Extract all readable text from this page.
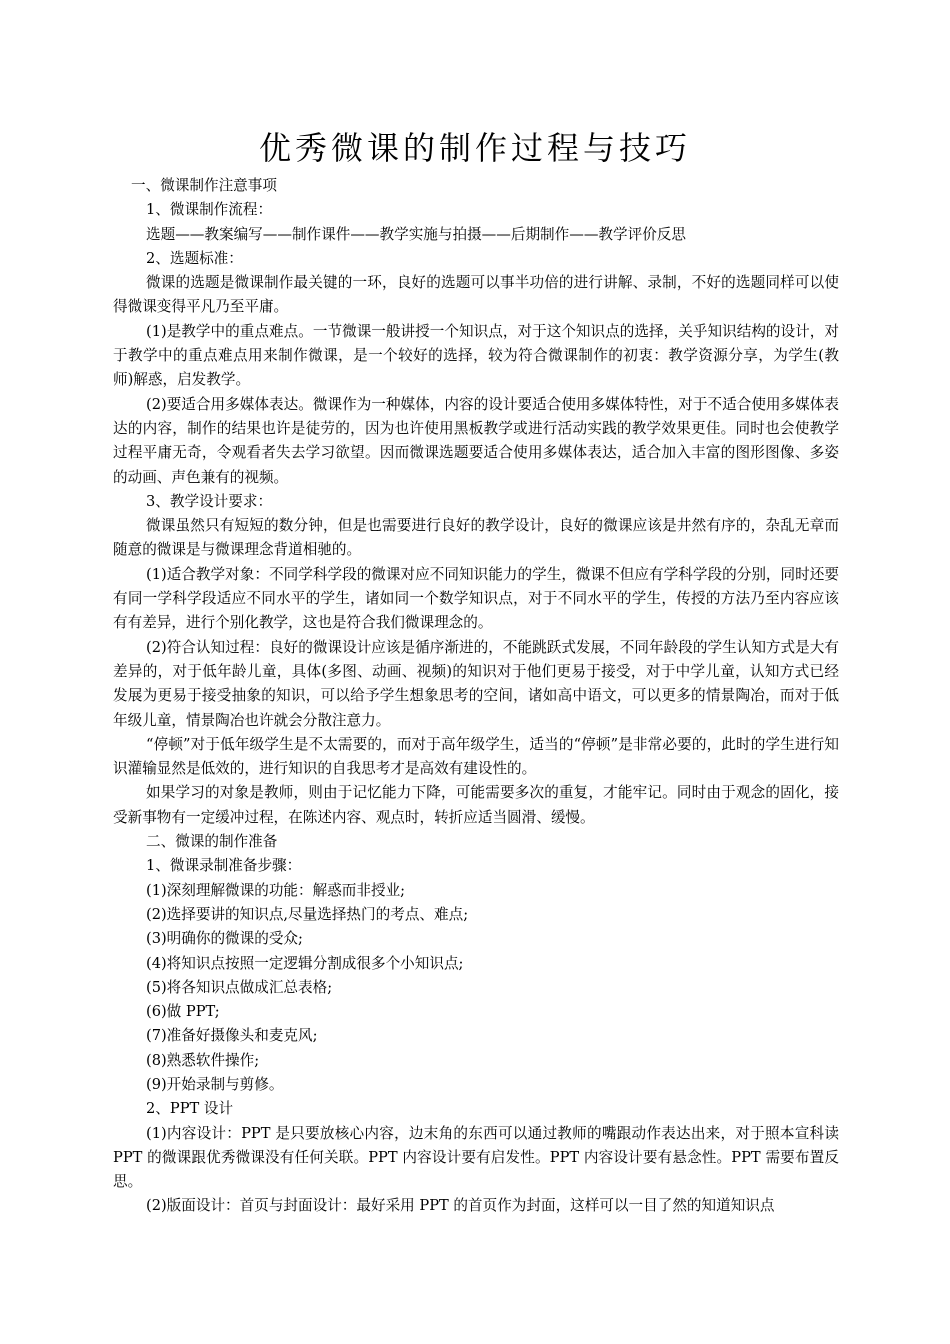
优秀微课的制作过程与技巧

一、微课制作注意事项

1、微课制作流程：

选题——教案编写——制作课件——教学实施与拍摄——后期制作——教学评价反思

2、选题标准：

微课的选题是微课制作最关键的一环，良好的选题可以事半功倍的进行讲解、录制，不好的选题同样可以使得微课变得平凡乃至平庸。

(1)是教学中的重点难点。一节微课一般讲授一个知识点，对于这个知识点的选择，关乎知识结构的设计，对于教学中的重点难点用来制作微课，是一个较好的选择，较为符合微课制作的初衷：教学资源分享，为学生(教师)解惑，启发教学。

(2)要适合用多媒体表达。微课作为一种媒体，内容的设计要适合使用多媒体特性，对于不适合使用多媒体表达的内容，制作的结果也许是徒劳的，因为也许使用黑板教学或进行活动实践的教学效果更佳。同时也会使教学过程平庸无奇，令观看者失去学习欲望。因而微课选题要适合使用多媒体表达，适合加入丰富的图形图像、多姿的动画、声色兼有的视频。

3、教学设计要求：

微课虽然只有短短的数分钟，但是也需要进行良好的教学设计，良好的微课应该是井然有序的，杂乱无章而随意的微课是与微课理念背道相驰的。

(1)适合教学对象：不同学科学段的微课对应不同知识能力的学生，微课不但应有学科学段的分别，同时还要有同一学科学段适应不同水平的学生，诸如同一个数学知识点，对于不同水平的学生，传授的方法乃至内容应该有有差异，进行个别化教学，这也是符合我们微课理念的。

(2)符合认知过程：良好的微课设计应该是循序渐进的，不能跳跃式发展，不同年龄段的学生认知方式是大有差异的，对于低年龄儿童，具体(多图、动画、视频)的知识对于他们更易于接受，对于中学儿童，认知方式已经发展为更易于接受抽象的知识，可以给予学生想象思考的空间，诸如高中语文，可以更多的情景陶冶，而对于低年级儿童，情景陶冶也许就会分散注意力。

“停顿”对于低年级学生是不太需要的，而对于高年级学生，适当的“停顿”是非常必要的，此时的学生进行知识灌输显然是低效的，进行知识的自我思考才是高效有建设性的。

如果学习的对象是教师，则由于记忆能力下降，可能需要多次的重复，才能牢记。同时由于观念的固化，接受新事物有一定缓冲过程，在陈述内容、观点时，转折应适当圆滑、缓慢。

二、微课的制作准备

1、微课录制准备步骤：

(1)深刻理解微课的功能：解惑而非授业;

(2)选择要讲的知识点,尽量选择热门的考点、难点;

(3)明确你的微课的受众;

(4)将知识点按照一定逻辑分割成很多个小知识点;

(5)将各知识点做成汇总表格;

(6)做 PPT;

(7)准备好摄像头和麦克风;

(8)熟悉软件操作;

(9)开始录制与剪修。

2、PPT 设计

(1)内容设计：PPT 是只要放核心内容，边末角的东西可以通过教师的嘴跟动作表达出来，对于照本宣科读 PPT 的微课跟优秀微课没有任何关联。PPT 内容设计要有启发性。PPT 内容设计要有悬念性。PPT 需要布置反思。

(2)版面设计：首页与封面设计：最好采用 PPT 的首页作为封面，这样可以一目了然的知道知识点
